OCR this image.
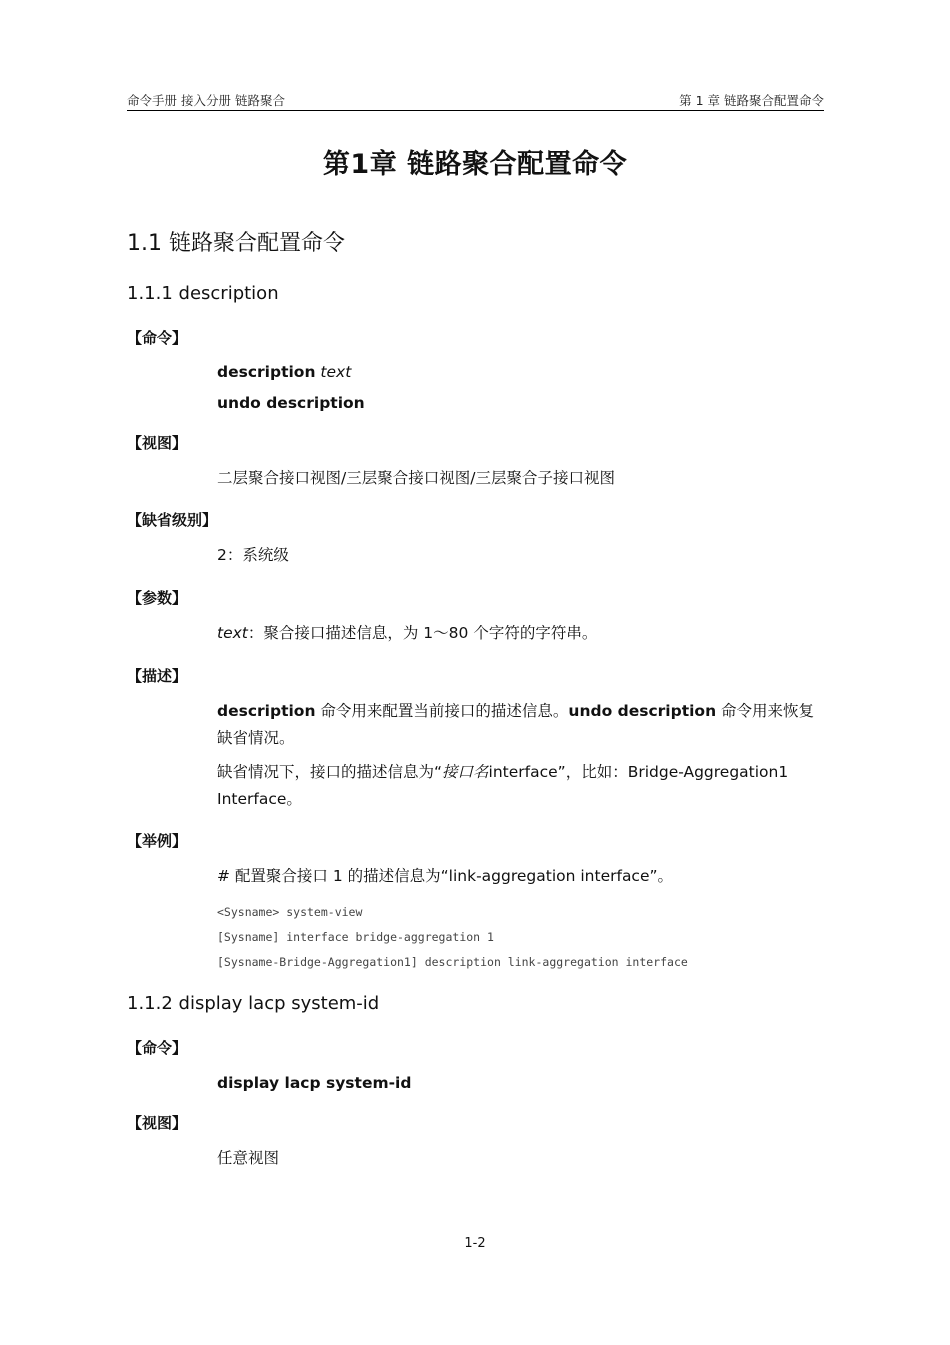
命令手册 接入分册 链路聚合	第 1 章 链路聚合配置命令
第1章 链路聚合配置命令
1.1 链路聚合配置命令
1.1.1 description
【命令】
description text
undo description
【视图】
二层聚合接口视图/三层聚合接口视图/三层聚合子接口视图
【缺省级别】
2：系统级
【参数】
text：聚合接口描述信息，为 1～80 个字符的字符串。
【描述】
description 命令用来配置当前接口的描述信息。undo description 命令用来恢复缺省情况。
缺省情况下，接口的描述信息为“接口名interface”，比如：Bridge-Aggregation1 Interface。
【举例】
# 配置聚合接口 1 的描述信息为“link-aggregation interface”。
<Sysname> system-view
[Sysname] interface bridge-aggregation 1
[Sysname-Bridge-Aggregation1] description link-aggregation interface
1.1.2 display lacp system-id
【命令】
display lacp system-id
【视图】
任意视图
1-2
